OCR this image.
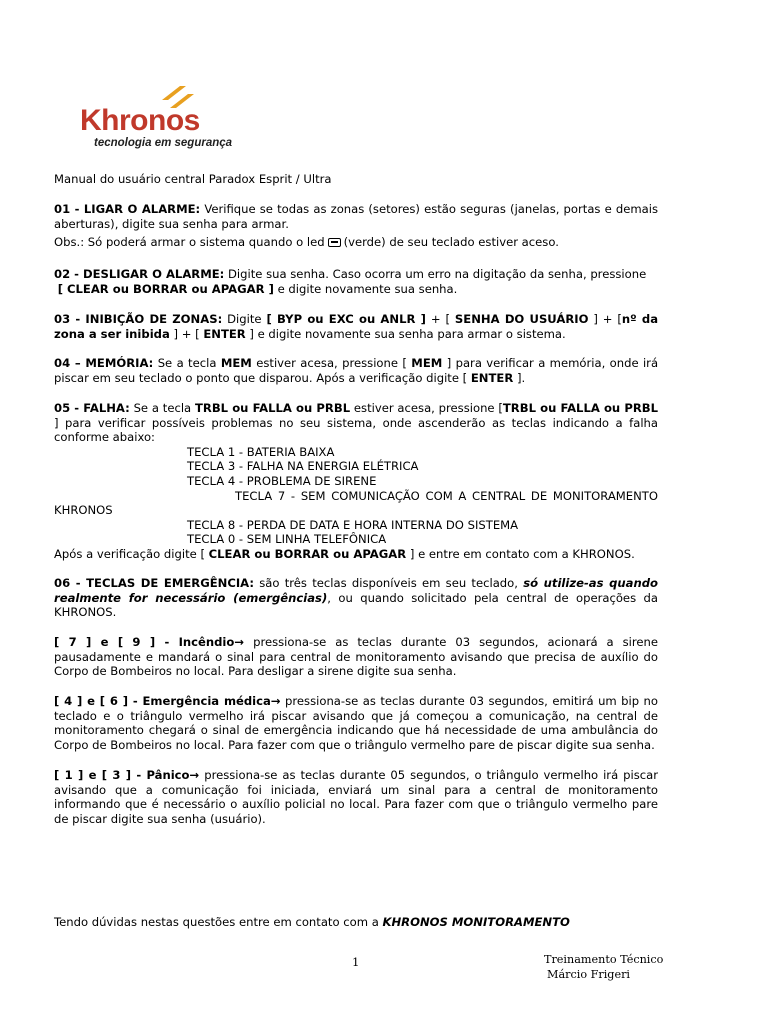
Khronos
tecnologia em segurança

Manual do usuário central Paradox Esprit / Ultra

01 - LIGAR O ALARME: Verifique se todas as zonas (setores) estão seguras (janelas, portas e demais aberturas), digite sua senha para armar.

Obs.: Só poderá armar o sistema quando o led (verde) de seu teclado estiver aceso.

02 - DESLIGAR O ALARME: Digite sua senha. Caso ocorra um erro na digitação da senha, pressione
[ CLEAR ou BORRAR ou APAGAR ] e digite novamente sua senha.

03 - INIBIÇÃO DE ZONAS: Digite [ BYP ou EXC ou ANLR ] + [ SENHA DO USUÁRIO ] + [nº da zona a ser inibida ] + [ ENTER ] e digite novamente sua senha para armar o sistema.

04 – MEMÓRIA: Se a tecla MEM estiver acesa, pressione [ MEM ] para verificar a memória, onde irá piscar em seu teclado o ponto que disparou. Após a verificação digite [ ENTER ].

05 - FALHA: Se a tecla TRBL ou FALLA ou PRBL estiver acesa, pressione [TRBL ou FALLA ou PRBL ] para verificar possíveis problemas no seu sistema, onde ascenderão as teclas indicando a falha conforme abaixo:

TECLA 1 - BATERIA BAIXA

TECLA 3 - FALHA NA ENERGIA ELÉTRICA

TECLA 4 - PROBLEMA DE SIRENE

TECLA 7 - SEM COMUNICAÇÃO COM A CENTRAL DE MONITORAMENTO

KHRONOS

TECLA 8 - PERDA DE DATA E HORA INTERNA DO SISTEMA

TECLA 0 - SEM LINHA TELEFÔNICA

Após a verificação digite [ CLEAR ou BORRAR ou APAGAR ] e entre em contato com a KHRONOS.

06 - TECLAS DE EMERGÊNCIA: são três teclas disponíveis em seu teclado, só utilize-as quando realmente for necessário (emergências), ou quando solicitado pela central de operações da KHRONOS.

[ 7 ] e [ 9 ] - Incêndio→ pressiona-se as teclas durante 03 segundos, acionará a sirene pausadamente e mandará o sinal para central de monitoramento avisando que precisa de auxílio do Corpo de Bombeiros no local. Para desligar a sirene digite sua senha.

[ 4 ] e [ 6 ] - Emergência médica→ pressiona-se as teclas durante 03 segundos, emitirá um bip no teclado e o triângulo vermelho irá piscar avisando que já começou a comunicação, na central de monitoramento chegará o sinal de emergência indicando que há necessidade de uma ambulância do Corpo de Bombeiros no local. Para fazer com que o triângulo vermelho pare de piscar digite sua senha.

[ 1 ] e [ 3 ] - Pânico→ pressiona-se as teclas durante 05 segundos, o triângulo vermelho irá piscar avisando que a comunicação foi iniciada, enviará um sinal para a central de monitoramento informando que é necessário o auxílio policial no local. Para fazer com que o triângulo vermelho pare de piscar digite sua senha (usuário).

Tendo dúvidas nestas questões entre em contato com a KHRONOS MONITORAMENTO

1	Treinamento Técnico
Márcio Frigeri
